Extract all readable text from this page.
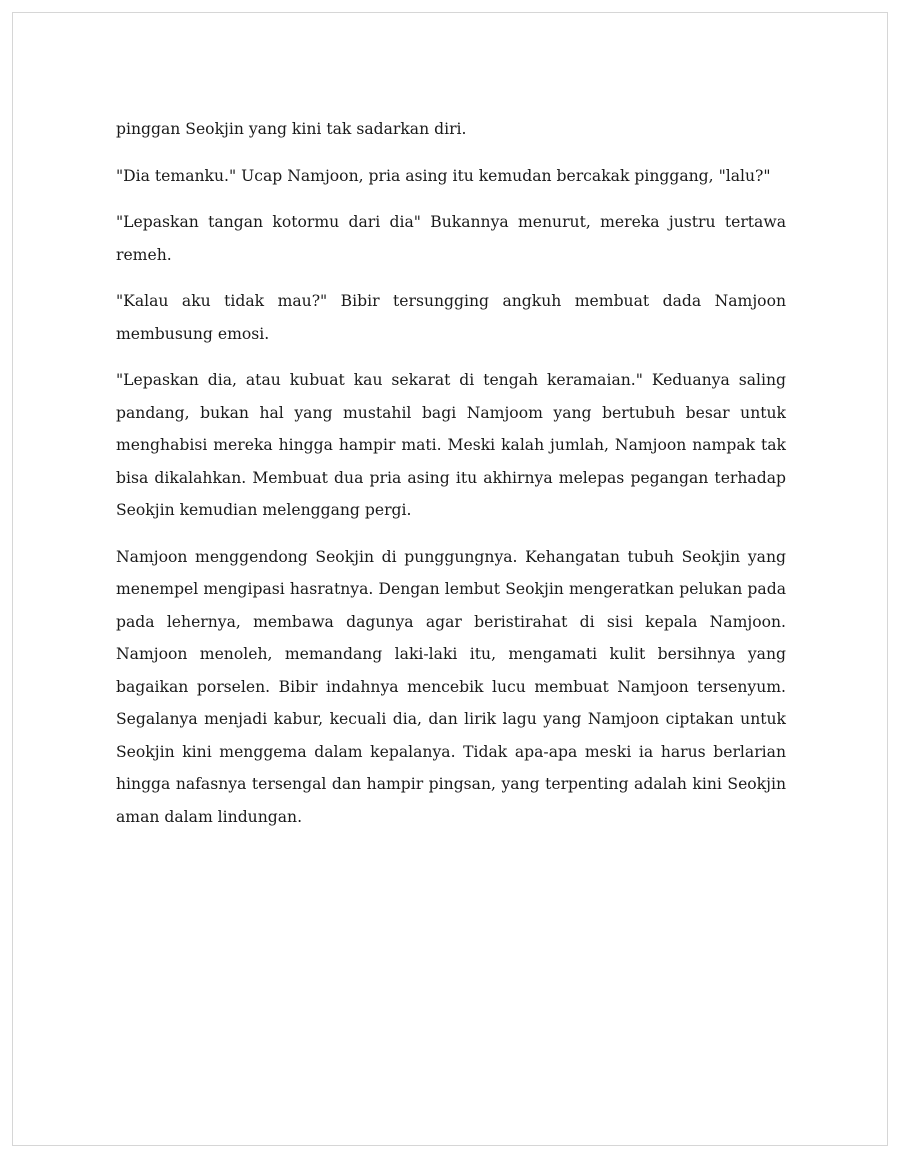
pinggan Seokjin yang kini tak sadarkan diri.

"Dia temanku." Ucap Namjoon, pria asing itu kemudan bercakak pinggang, "lalu?"

"Lepaskan tangan kotormu dari dia" Bukannya menurut, mereka justru tertawa remeh.

"Kalau aku tidak mau?" Bibir tersungging angkuh membuat dada Namjoon membusung emosi.

"Lepaskan dia, atau kubuat kau sekarat di tengah keramaian." Keduanya saling pandang, bukan hal yang mustahil bagi Namjoom yang bertubuh besar untuk menghabisi mereka hingga hampir mati. Meski kalah jumlah, Namjoon nampak tak bisa dikalahkan. Membuat dua pria asing itu akhirnya melepas pegangan terhadap Seokjin kemudian melenggang pergi.

Namjoon menggendong Seokjin di punggungnya. Kehangatan tubuh Seokjin yang menempel mengipasi hasratnya. Dengan lembut Seokjin mengeratkan pelukan pada pada lehernya, membawa dagunya agar beristirahat di sisi kepala Namjoon. Namjoon menoleh, memandang laki-laki itu, mengamati kulit bersihnya yang bagaikan porselen. Bibir indahnya mencebik lucu membuat Namjoon tersenyum. Segalanya menjadi kabur, kecuali dia, dan lirik lagu yang Namjoon ciptakan untuk Seokjin kini menggema dalam kepalanya. Tidak apa-apa meski ia harus berlarian hingga nafasnya tersengal dan hampir pingsan, yang terpenting adalah kini Seokjin aman dalam lindungan.
